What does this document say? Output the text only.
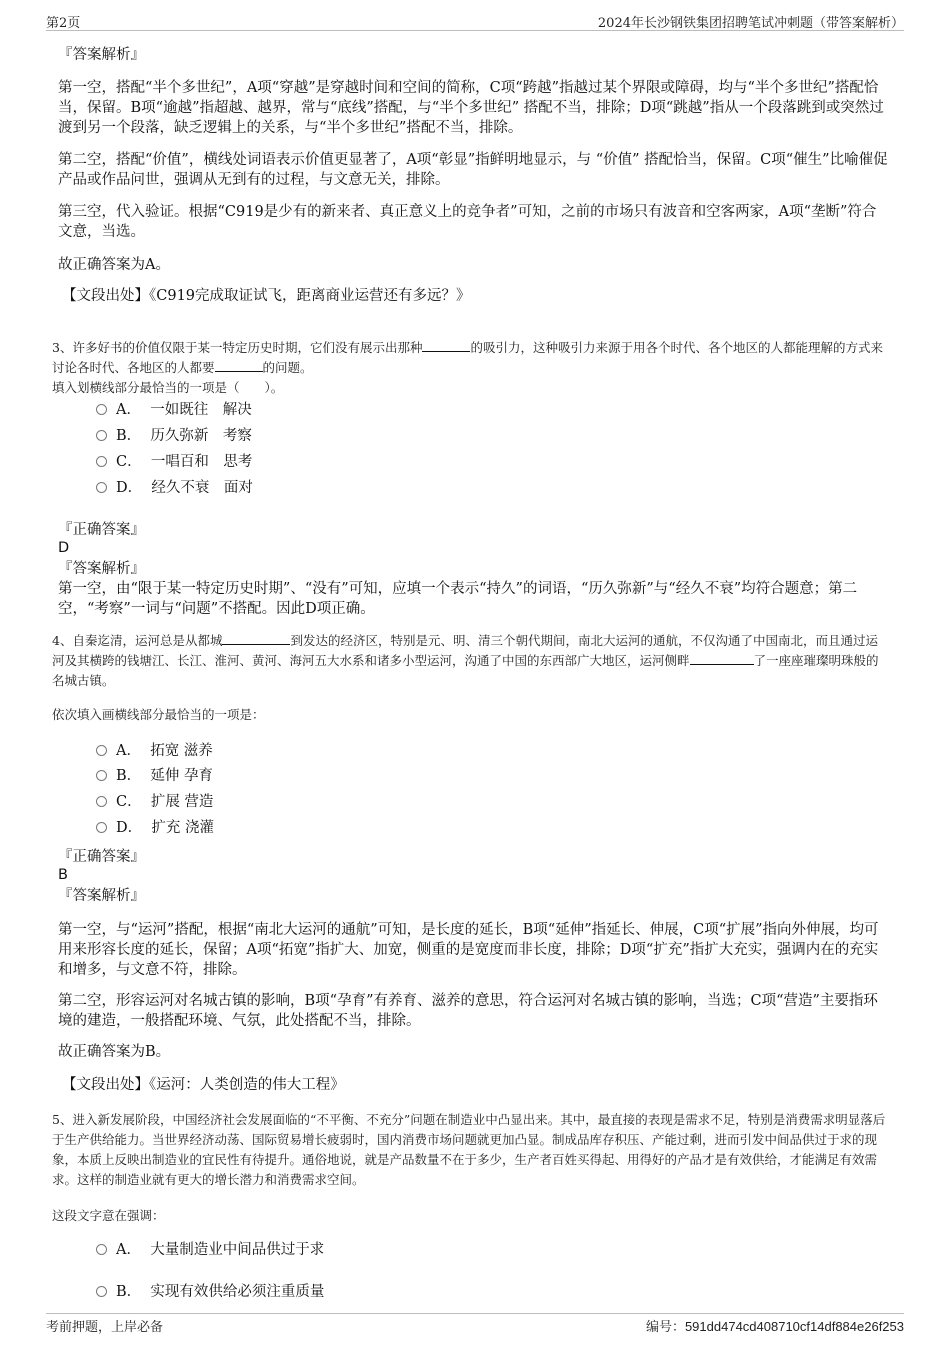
第2页	2024年长沙钢铁集团招聘笔试冲刺题（带答案解析）

『答案解析』

第一空，搭配“半个多世纪”，A项“穿越”是穿越时间和空间的简称，C项“跨越”指越过某个界限或障碍，均与“半个多世纪”搭配恰当，保留。B项“逾越”指超越、越界，常与“底线”搭配，与“半个多世纪” 搭配不当，排除；D项“跳越”指从一个段落跳到或突然过渡到另一个段落，缺乏逻辑上的关系，与“半个多世纪”搭配不当，排除。

第二空，搭配“价值”，横线处词语表示价值更显著了，A项“彰显”指鲜明地显示，与 “价值” 搭配恰当，保留。C项“催生”比喻催促产品或作品问世，强调从无到有的过程，与文意无关，排除。

第三空，代入验证。根据“C919是少有的新来者、真正意义上的竞争者”可知，之前的市场只有波音和空客两家，A项“垄断”符合文意，当选。

故正确答案为A。

【文段出处】《C919完成取证试飞，距离商业运营还有多远？》

3、许多好书的价值仅限于某一特定历史时期，它们没有展示出那种	的吸引力，这种吸引力来源于用各个时代、各个地区的人都能理解的方式来讨论各时代、各地区的人都要	的问题。

填入划横线部分最恰当的一项是（　　）。

A． 一如既往　解决
B． 历久弥新　考察
C． 一唱百和　思考
D． 经久不衰　面对

『正确答案』

D

『答案解析』

第一空，由“限于某一特定历史时期”、“没有”可知，应填一个表示“持久”的词语，“历久弥新”与“经久不衰”均符合题意；第二空，“考察”一词与“问题”不搭配。因此D项正确。

4、自秦迄清，运河总是从都城	到发达的经济区，特别是元、明、清三个朝代期间，南北大运河的通航，不仅沟通了中国南北，而且通过运河及其横跨的钱塘江、长江、淮河、黄河、海河五大水系和诸多小型运河，沟通了中国的东西部广大地区，运河侧畔	了一座座璀璨明珠般的名城古镇。

依次填入画横线部分最恰当的一项是：

A． 拓宽 滋养
B． 延伸 孕育
C． 扩展 营造
D． 扩充 浇灌

『正确答案』

B

『答案解析』

第一空，与“运河”搭配，根据“南北大运河的通航”可知，是长度的延长，B项“延伸”指延长、伸展，C项“扩展”指向外伸展，均可用来形容长度的延长，保留；A项“拓宽”指扩大、加宽，侧重的是宽度而非长度，排除；D项“扩充”指扩大充实，强调内在的充实和增多，与文意不符，排除。

第二空，形容运河对名城古镇的影响，B项“孕育”有养育、滋养的意思，符合运河对名城古镇的影响，当选；C项“营造”主要指环境的建造，一般搭配环境、气氛，此处搭配不当，排除。

故正确答案为B。

【文段出处】《运河：人类创造的伟大工程》

5、进入新发展阶段，中国经济社会发展面临的“不平衡、不充分”问题在制造业中凸显出来。其中，最直接的表现是需求不足，特别是消费需求明显落后于生产供给能力。当世界经济动荡、国际贸易增长疲弱时，国内消费市场问题就更加凸显。制成品库存积压、产能过剩，进而引发中间品供过于求的现象，本质上反映出制造业的宜民性有待提升。通俗地说，就是产品数量不在于多少，生产者百姓买得起、用得好的产品才是有效供给，才能满足有效需求。这样的制造业就有更大的增长潜力和消费需求空间。

这段文字意在强调：

A． 大量制造业中间品供过于求
B． 实现有效供给必须注重质量
考前押题，上岸必备	编号：591dd474cd408710cf14df884e26f253
